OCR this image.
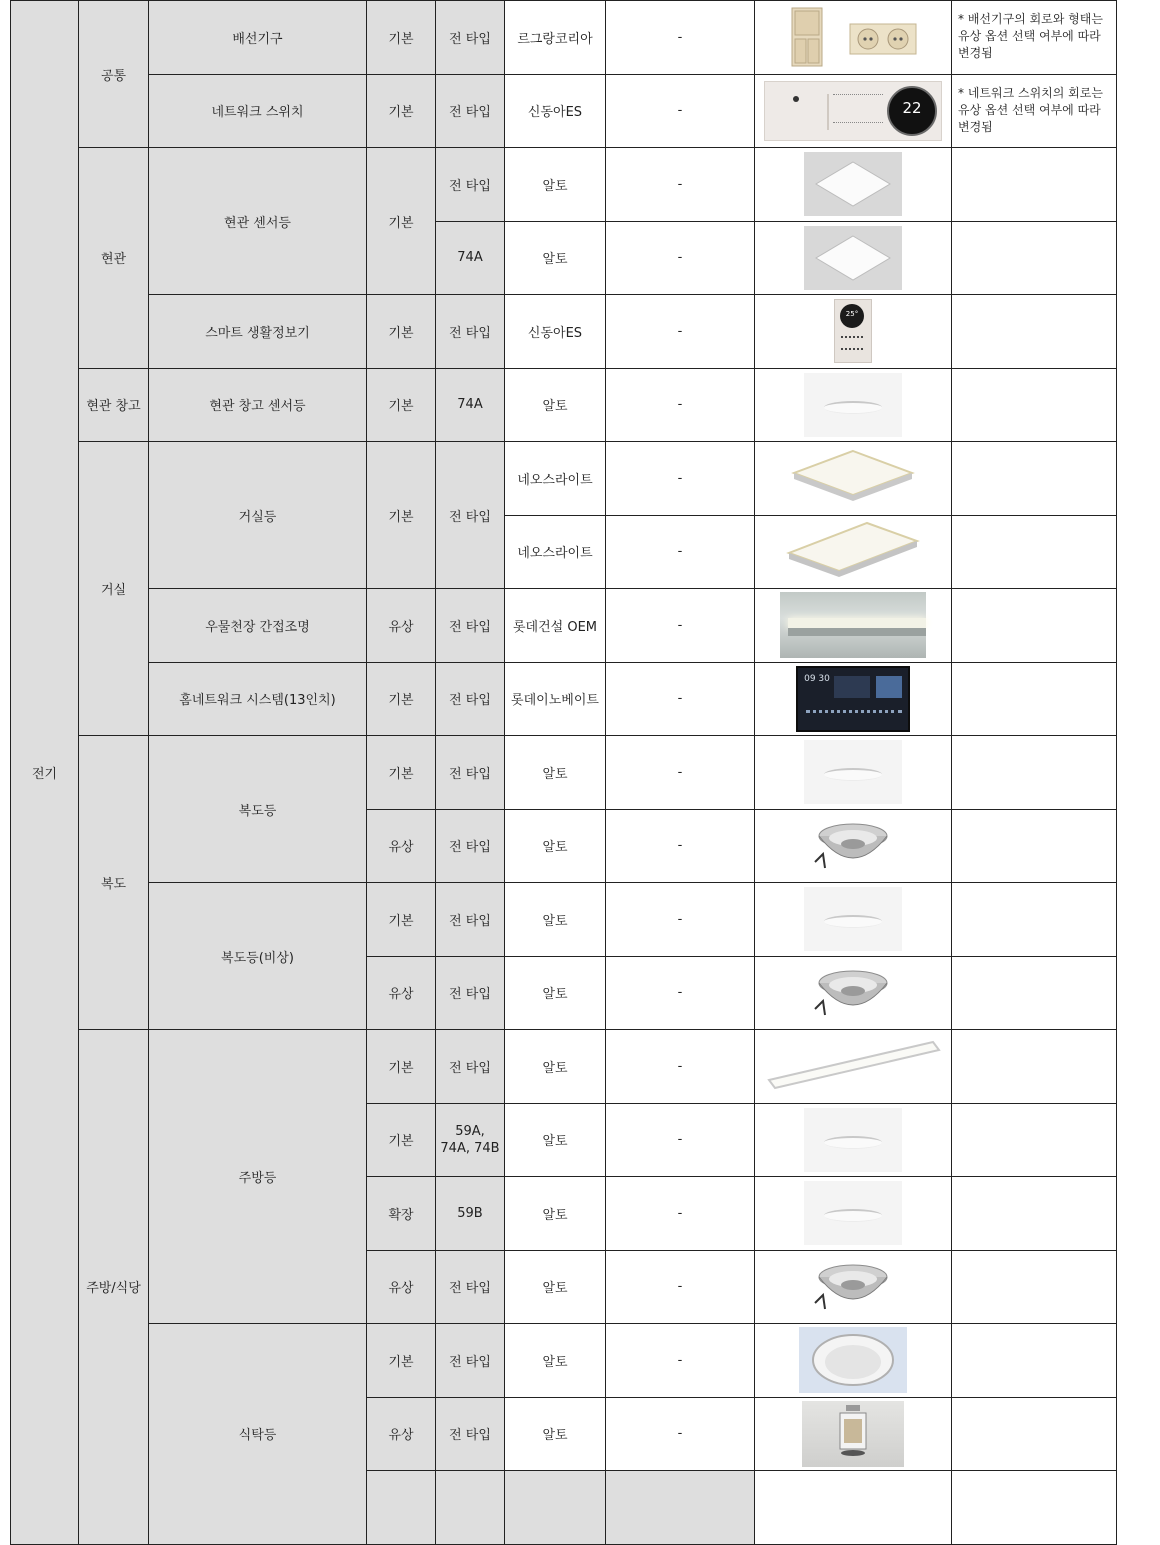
전기	공통	배선기구	기본	전 타입	르그랑코리아	-		* 배선기구의 회로와 형태는 유상 옵션 선택 여부에 따라 변경됨	
		네트워크 스위치	기본	전 타입	신동아ES	-	22	* 네트워크 스위치의 회로는 유상 옵션 선택 여부에 따라 변경됨	
	현관	현관 센서등	기본	전 타입	알토	-		
				74A	알토	-		
		스마트 생활정보기	기본	전 타입	신동아ES	-	25°		

	현관 창고	현관 창고 센서등	기본	74A	알토	-		

	거실	거실등	기본	전 타입	네오스라이트	-		
					네오스라이트	-		
		우물천장 간접조명	유상	전 타입	롯데건설 OEM	-		

		홈네트워크 시스템(13인치)	기본	전 타입	롯데이노베이트	-	09 30		

	복도	복도등	기본	전 타입	알토	-		

			유상	전 타입	알토	-		
		복도등(비상)	기본	전 타입	알토	-		

			유상	전 타입	알토	-		
	주방/식당	주방등	기본	전 타입	알토	-		
			기본	59A,
74A, 74B	알토	-		

			확장	59B	알토	-		

			유상	전 타입	알토	-		
		식탁등	기본	전 타입	알토	-		
			유상	전 타입	알토	-		
